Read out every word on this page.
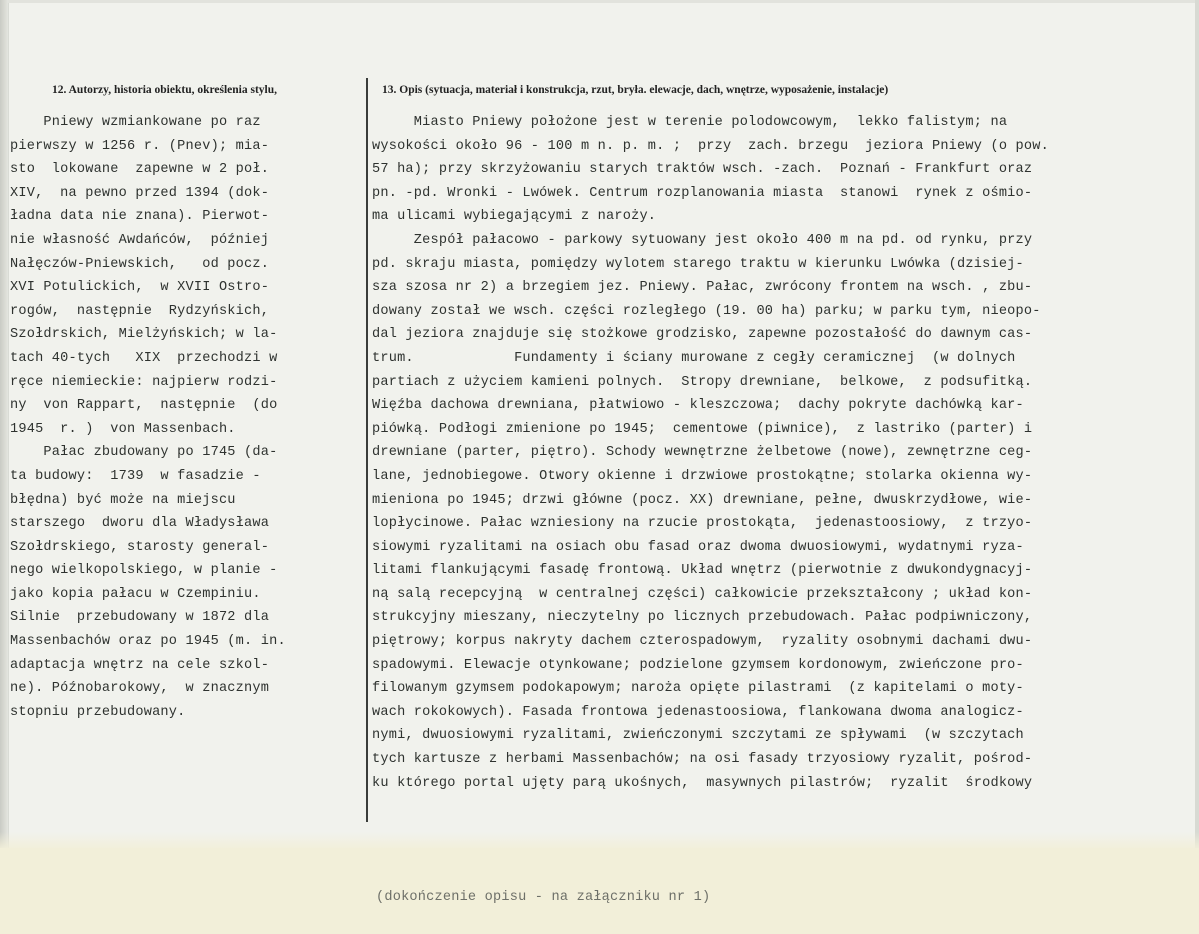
12. Autorzy, historia obiektu, określenia stylu,	13. Opis (sytuacja, materiał i konstrukcja, rzut, bryła. elewacje, dach, wnętrze, wyposażenie, instalacje)

Pniewy wzmiankowane po raz

pierwszy w 1256 r. (Pnev); mia-

sto  lokowane  zapewne w 2 poł.

XIV,  na pewno przed 1394 (dok-

ładna data nie znana). Pierwot-

nie własność Awdańców,  później

Nałęczów-Pniewskich,   od pocz.

XVI Potulickich,  w XVII Ostro-

rogów,  następnie  Rydzyńskich,

Szołdrskich, Mielżyńskich; w la-

tach 40-tych   XIX  przechodzi w

ręce niemieckie: najpierw rodzi-

ny  von Rappart,  następnie  (do

1945  r. )  von Massenbach.

Pałac zbudowany po 1745 (da-

ta budowy:  1739  w fasadzie -

błędna) być może na miejscu

starszego  dworu dla Władysława

Szołdrskiego, starosty general-

nego wielkopolskiego, w planie -

jako kopia pałacu w Czempiniu.

Silnie  przebudowany w 1872 dla

Massenbachów oraz po 1945 (m. in.

adaptacja wnętrz na cele szkol-

ne). Późnobarokowy,  w znacznym

stopniu przebudowany.

Miasto Pniewy położone jest w terenie polodowcowym,  lekko falistym; na

wysokości około 96 - 100 m n. p. m. ;  przy  zach. brzegu  jeziora Pniewy (o pow.

57 ha); przy skrzyżowaniu starych traktów wsch. -zach.  Poznań - Frankfurt oraz

pn. -pd. Wronki - Lwówek. Centrum rozplanowania miasta  stanowi  rynek z ośmio-

ma ulicami wybiegającymi z naroży.

Zespół pałacowo - parkowy sytuowany jest około 400 m na pd. od rynku, przy

pd. skraju miasta, pomiędzy wylotem starego traktu w kierunku Lwówka (dzisiej-

sza szosa nr 2) a brzegiem jez. Pniewy. Pałac, zwrócony frontem na wsch. , zbu-

dowany został we wsch. części rozległego (19. 00 ha) parku; w parku tym, nieopo-

dal jeziora znajduje się stożkowe grodzisko, zapewne pozostałość do dawnym cas-

trum.            Fundamenty i ściany murowane z cegły ceramicznej  (w dolnych

partiach z użyciem kamieni polnych.  Stropy drewniane,  belkowe,  z podsufitką.

Więźba dachowa drewniana, płatwiowo - kleszczowa;  dachy pokryte dachówką kar-

piówką. Podłogi zmienione po 1945;  cementowe (piwnice),  z lastriko (parter) i

drewniane (parter, piętro). Schody wewnętrzne żelbetowe (nowe), zewnętrzne ceg-

lane, jednobiegowe. Otwory okienne i drzwiowe prostokątne; stolarka okienna wy-

mieniona po 1945; drzwi główne (pocz. XX) drewniane, pełne, dwuskrzydłowe, wie-

lopłycinowe. Pałac wzniesiony na rzucie prostokąta,  jedenastoosiowy,  z trzyo-

siowymi ryzalitami na osiach obu fasad oraz dwoma dwuosiowymi, wydatnymi ryza-

litami flankującymi fasadę frontową. Układ wnętrz (pierwotnie z dwukondygnacyj-

ną salą recepcyjną  w centralnej części) całkowicie przekształcony ; układ kon-

strukcyjny mieszany, nieczytelny po licznych przebudowach. Pałac podpiwniczony,

piętrowy; korpus nakryty dachem czterospadowym,  ryzality osobnymi dachami dwu-

spadowymi. Elewacje otynkowane; podzielone gzymsem kordonowym, zwieńczone pro-

filowanym gzymsem podokapowym; naroża opięte pilastrami  (z kapitelami o moty-

wach rokokowych). Fasada frontowa jedenastoosiowa, flankowana dwoma analogicz-

nymi, dwuosiowymi ryzalitami, zwieńczonymi szczytami ze spływami  (w szczytach

tych kartusze z herbami Massenbachów; na osi fasady trzyosiowy ryzalit, pośrod-

ku którego portal ujęty parą ukośnych,  masywnych pilastrów;  ryzalit  środkowy

(dokończenie opisu - na załączniku nr 1)
